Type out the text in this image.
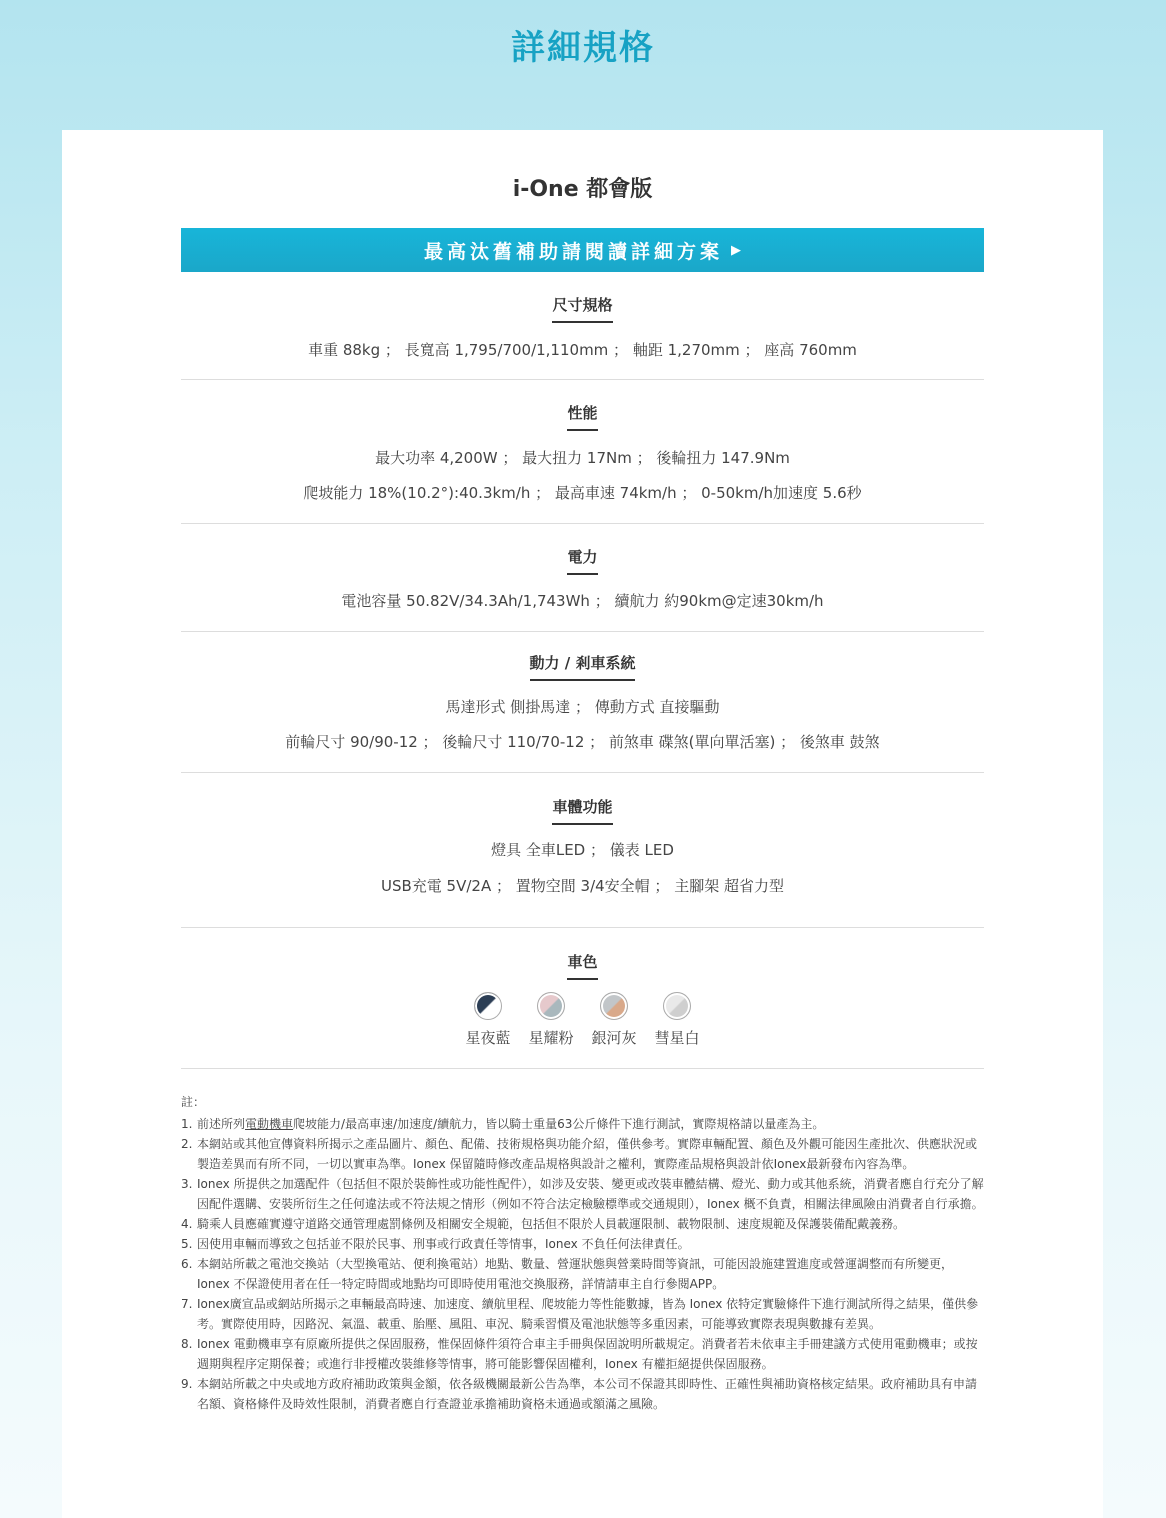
詳細規格
i-One 都會版
最高汰舊補助請閱讀詳細方案 ▶
尺寸規格
車重 88kg ； 長寬高 1,795/700/1,110mm ； 軸距 1,270mm ； 座高 760mm
性能
最大功率 4,200W ； 最大扭力 17Nm ； 後輪扭力 147.9Nm
爬坡能力 18%(10.2°):40.3km/h ； 最高車速 74km/h ； 0-50km/h加速度 5.6秒
電力
電池容量 50.82V/34.3Ah/1,743Wh ； 續航力 約90km@定速30km/h
動力 / 剎車系統
馬達形式 側掛馬達 ； 傳動方式 直接驅動
前輪尺寸 90/90-12 ； 後輪尺寸 110/70-12 ； 前煞車 碟煞(單向單活塞) ； 後煞車 鼓煞
車體功能
燈具 全車LED ； 儀表 LED
USB充電 5V/2A ； 置物空間 3/4安全帽 ； 主腳架 超省力型
車色
星夜藍 星耀粉 銀河灰 彗星白
註：
1. 前述所列電動機車爬坡能力/最高車速/加速度/續航力，皆以騎士重量63公斤條件下進行測試，實際規格請以量產為主。
2. 本網站或其他宣傳資料所揭示之產品圖片、顏色、配備、技術規格與功能介紹，僅供參考。實際車輛配置、顏色及外觀可能因生產批次、供應狀況或製造差異而有所不同，一切以實車為準。Ionex 保留隨時修改產品規格與設計之權利，實際產品規格與設計依Ionex最新發布內容為準。
3. Ionex 所提供之加選配件（包括但不限於裝飾性或功能性配件），如涉及安裝、變更或改裝車體結構、燈光、動力或其他系統，消費者應自行充分了解因配件選購、安裝所衍生之任何違法或不符法規之情形（例如不符合法定檢驗標準或交通規則），Ionex 概不負責，相關法律風險由消費者自行承擔。
4. 騎乘人員應確實遵守道路交通管理處罰條例及相關安全規範，包括但不限於人員載運限制、載物限制、速度規範及保護裝備配戴義務。
5. 因使用車輛而導致之包括並不限於民事、刑事或行政責任等情事，Ionex 不負任何法律責任。
6. 本網站所載之電池交換站（大型換電站、便利換電站）地點、數量、營運狀態與營業時間等資訊，可能因設施建置進度或營運調整而有所變更，Ionex 不保證使用者在任一特定時間或地點均可即時使用電池交換服務，詳情請車主自行參閱APP。
7. Ionex廣宣品或網站所揭示之車輛最高時速、加速度、續航里程、爬坡能力等性能數據，皆為 Ionex 依特定實驗條件下進行測試所得之結果，僅供參考。實際使用時，因路況、氣溫、載重、胎壓、風阻、車況、騎乘習慣及電池狀態等多重因素，可能導致實際表現與數據有差異。
8. Ionex 電動機車享有原廠所提供之保固服務，惟保固條件須符合車主手冊與保固說明所載規定。消費者若未依車主手冊建議方式使用電動機車；或按週期與程序定期保養；或進行非授權改裝維修等情事，將可能影響保固權利，Ionex 有權拒絕提供保固服務。
9. 本網站所載之中央或地方政府補助政策與金額，依各級機關最新公告為準，本公司不保證其即時性、正確性與補助資格核定結果。政府補助具有申請名額、資格條件及時效性限制，消費者應自行查證並承擔補助資格未通過或額滿之風險。
